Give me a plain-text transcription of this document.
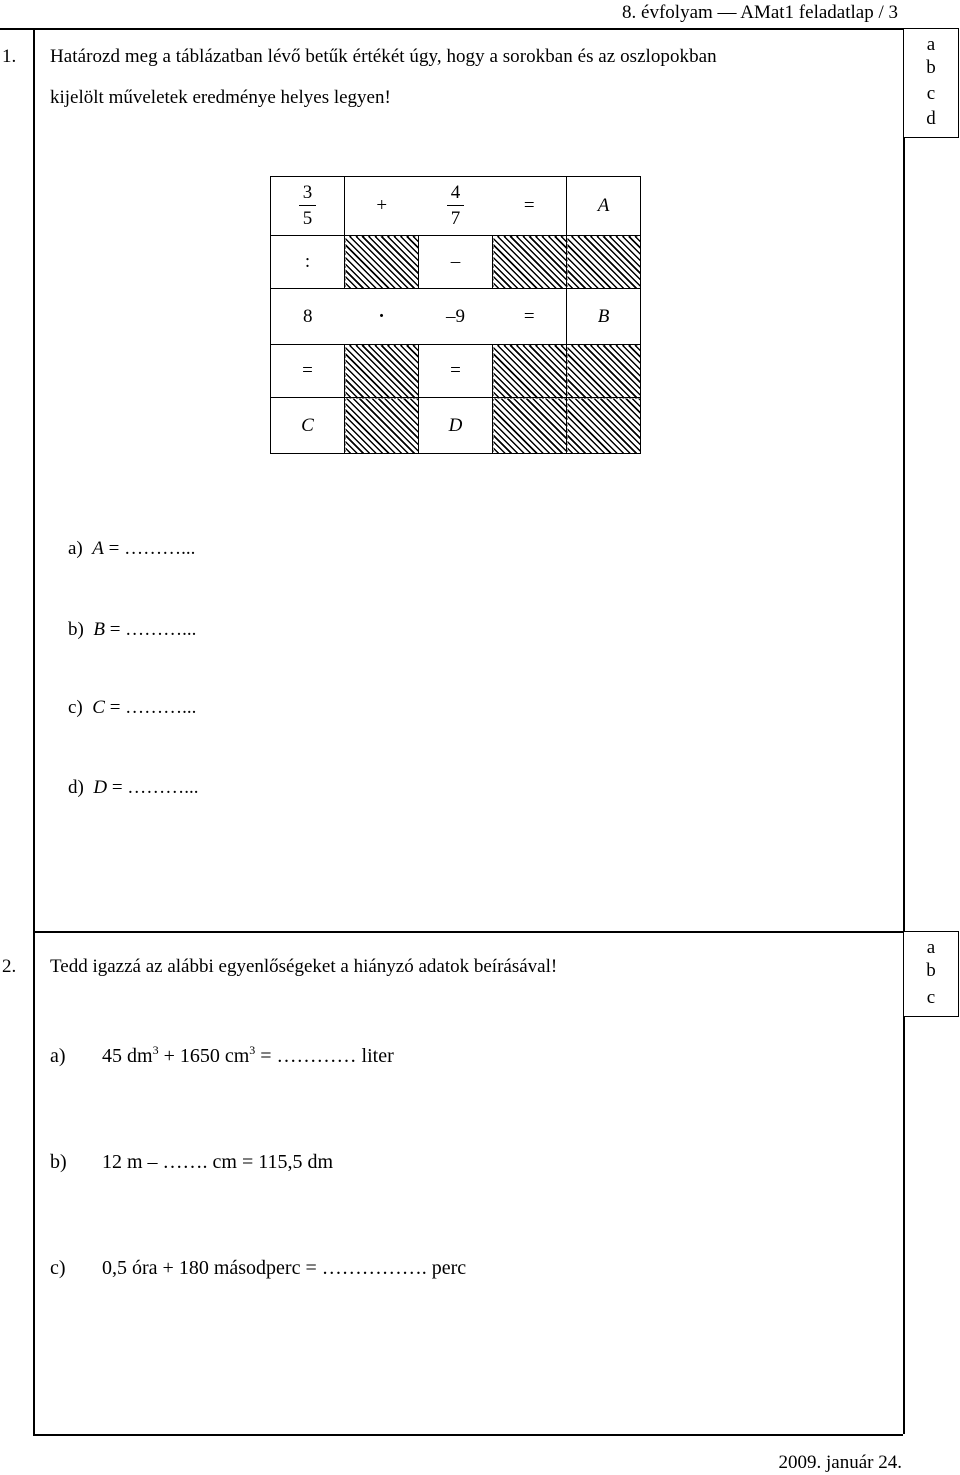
8. évfolyam — AMat1 feladatlap / 3
1. Határozd meg a táblázatban lévő betűk értékét úgy, hogy a sorokban és az oszlopokban
kijelölt műveletek eredménye helyes legyen!
a
b
c
d
$\frac{3}{5}$	+	$\frac{4}{7}$	=	A
:		–		
8	·	–9	=	B
=		=		
C		D		
a) A = ………...
b) B = ………...
c) C = ………...
d) D = ………...
2. Tedd igazzá az alábbi egyenlőségeket a hiányzó adatok beírásával!
a
b
c
a) 45 $dm^3 + 1650$ $cm^3$ = ………… liter
b) 12 m – ……. cm = 115,5 dm
c) 0,5 óra + 180 másodperc = ……………. perc
2009. január 24.
